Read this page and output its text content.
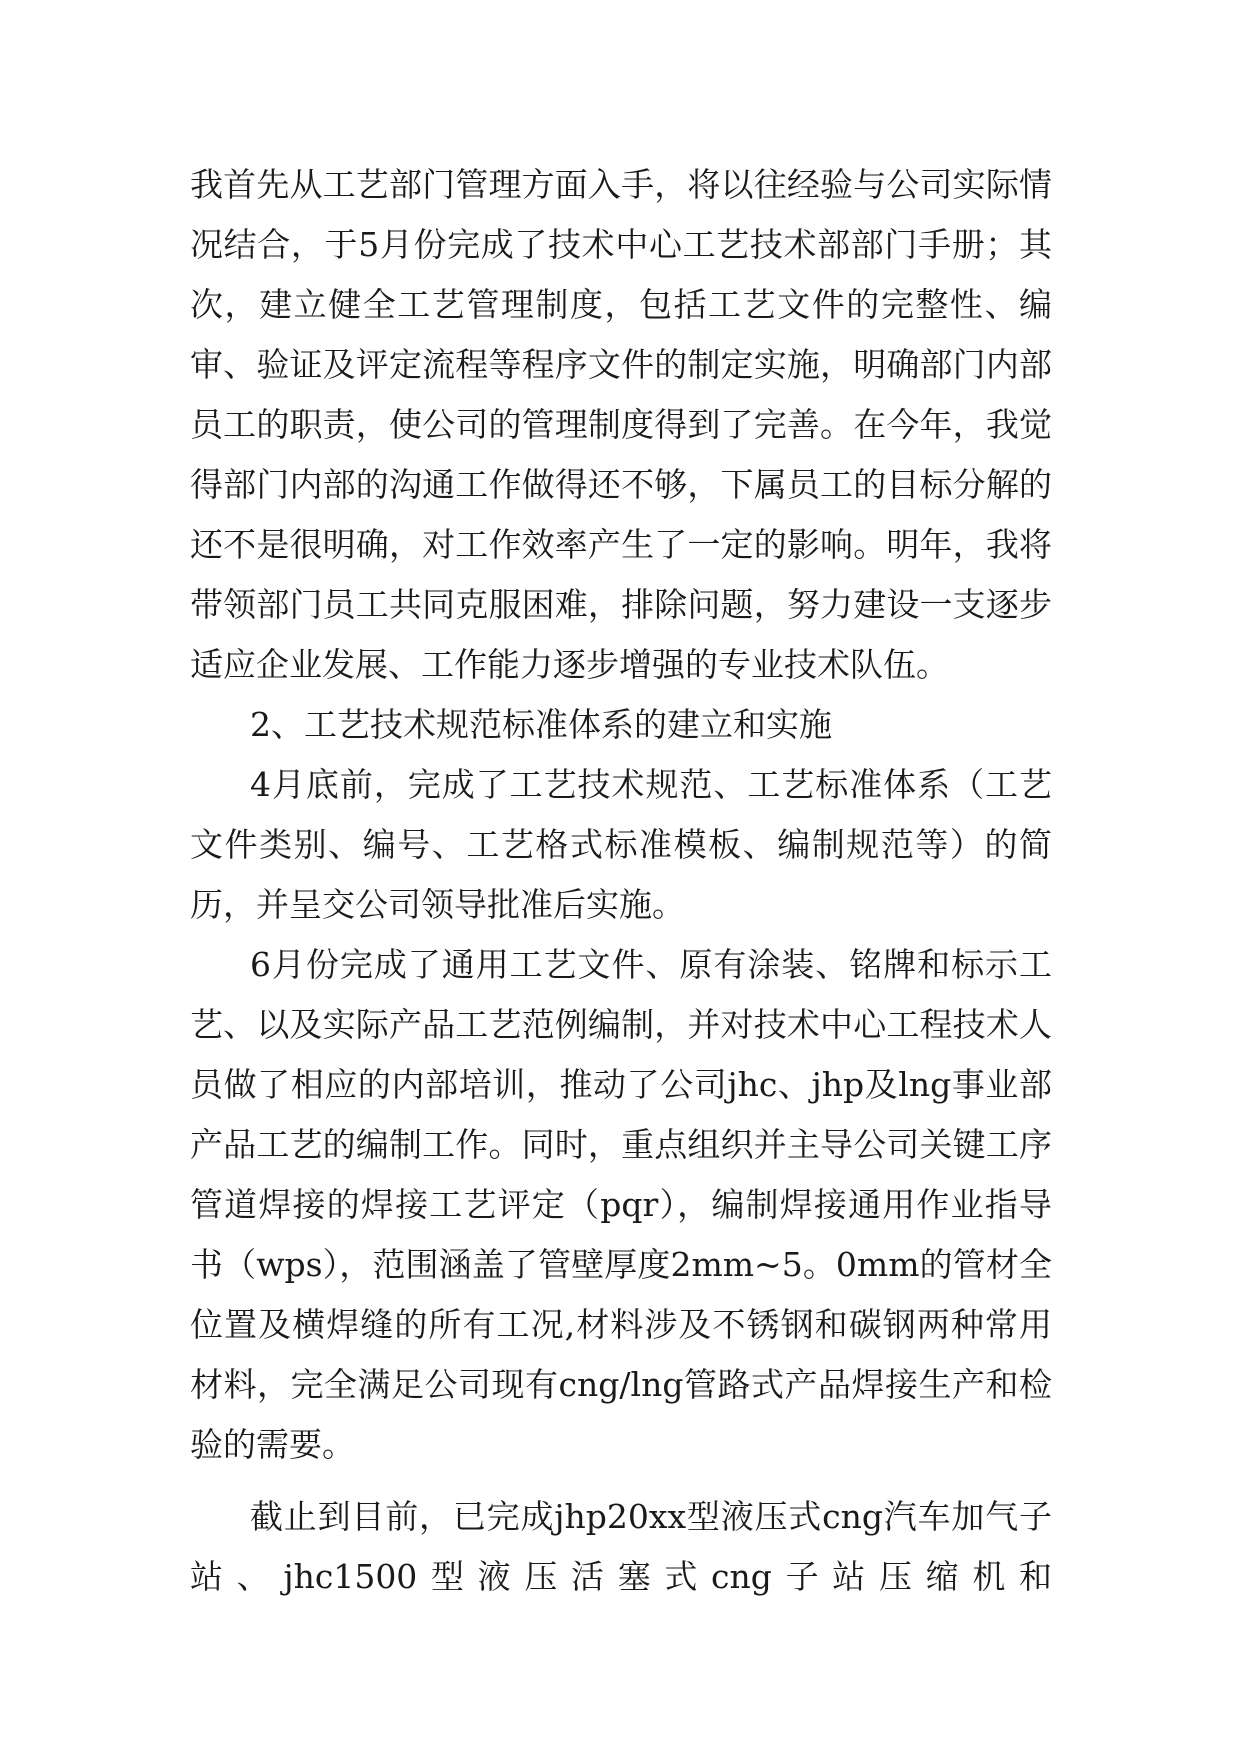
我首先从工艺部门管理方面入手，将以往经验与公司实际情况结合，于5月份完成了技术中心工艺技术部部门手册；其次，建立健全工艺管理制度，包括工艺文件的完整性、编审、验证及评定流程等程序文件的制定实施，明确部门内部员工的职责，使公司的管理制度得到了完善。在今年，我觉得部门内部的沟通工作做得还不够，下属员工的目标分解的还不是很明确，对工作效率产生了一定的影响。明年，我将带领部门员工共同克服困难，排除问题，努力建设一支逐步适应企业发展、工作能力逐步增强的专业技术队伍。

2、工艺技术规范标准体系的建立和实施

4月底前，完成了工艺技术规范、工艺标准体系（工艺文件类别、编号、工艺格式标准模板、编制规范等）的简历，并呈交公司领导批准后实施。

6月份完成了通用工艺文件、原有涂装、铭牌和标示工艺、以及实际产品工艺范例编制，并对技术中心工程技术人员做了相应的内部培训，推动了公司jhc、jhp及lng事业部产品工艺的编制工作。同时，重点组织并主导公司关键工序管道焊接的焊接工艺评定（pqr），编制焊接通用作业指导书（wps），范围涵盖了管壁厚度2mm~5。0mm的管材全位置及横焊缝的所有工况,材料涉及不锈钢和碳钢两种常用材料，完全满足公司现有cng/lng管路式产品焊接生产和检验的需要。

截止到目前，已完成jhp20xx型液压式cng汽车加气子站、jhc1500型液压活塞式cng子站压缩机和
